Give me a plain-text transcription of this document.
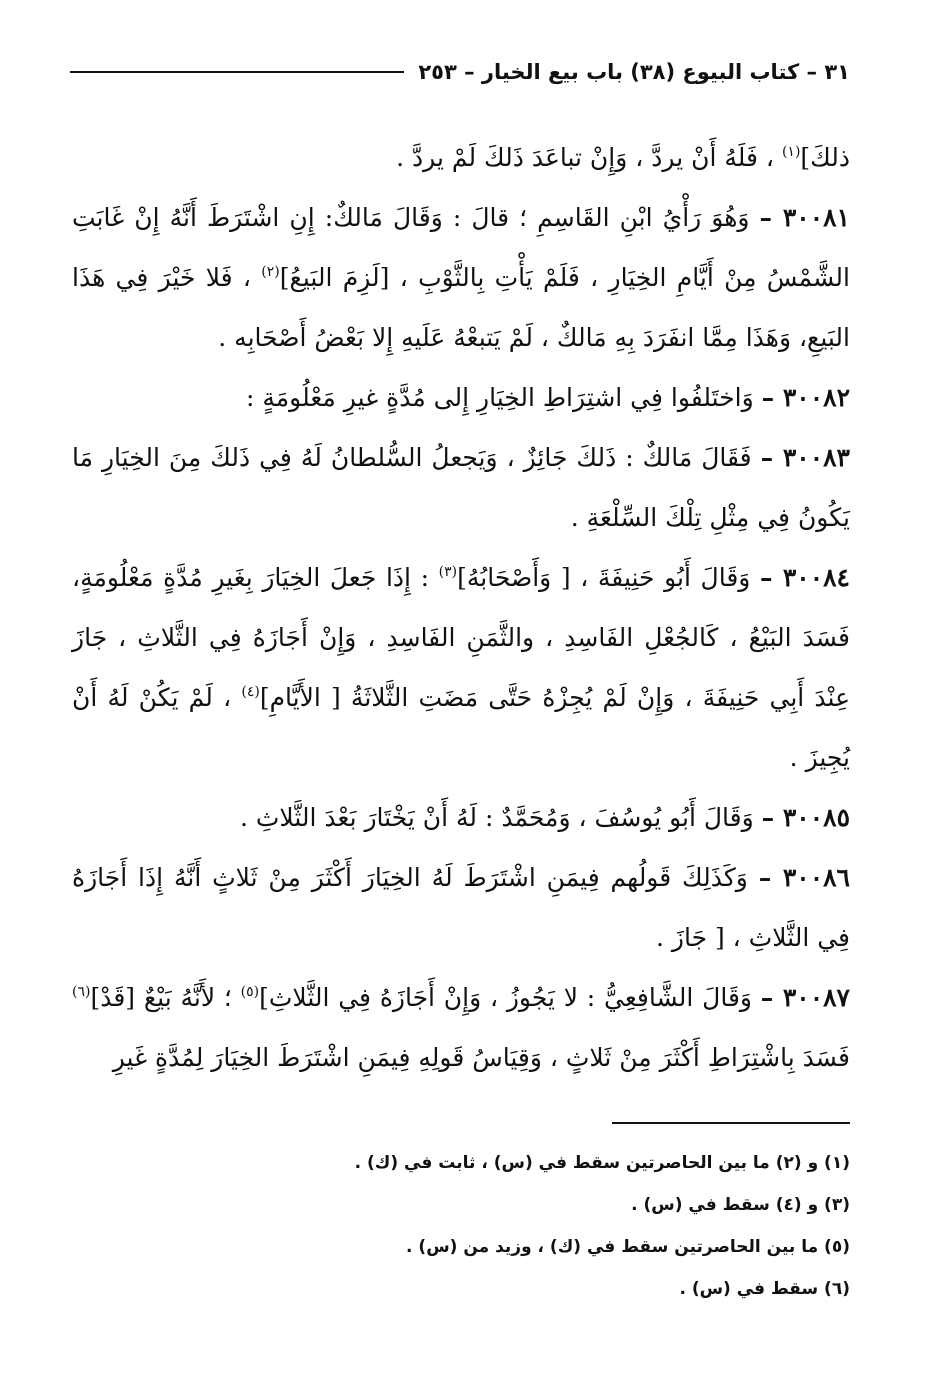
٣١ – كتاب البيوع (٣٨) باب بيع الخيار – ٢٥٣

ذلكَ]$^{(١)}$ ، فَلَهُ أَنْ يردَّ ، وَإِنْ تباعَدَ ذَلكَ لَمْ يردَّ .

٣٠٠٨١ – وَهُوَ رَأْيُ ابْنِ القَاسِمِ ؛ قالَ : وَقَالَ مَالكٌ: إِنِ اشْتَرَطَ أَنَّهُ إِنْ غَابَتِ الشَّمْسُ مِنْ أَيَّامِ الخِيَارِ ، فَلَمْ يَأْتِ بِالثَّوْبِ ، [لَزِمَ البَيعُ]$^{(٢)}$ ، فَلا خَيْرَ فِي هَذَا البَيعِ، وَهَذَا مِمَّا انفَرَدَ بِهِ مَالكٌ ، لَمْ يَتبعْهُ عَلَيهِ إِلا بَعْضُ أَصْحَابِه .

٣٠٠٨٢ – وَاختَلفُوا فِي اشتِرَاطِ الخِيَارِ إِلى مُدَّةٍ غيرِ مَعْلُومَةٍ :

٣٠٠٨٣ – فَقَالَ مَالكٌ : ذَلكَ جَائِزٌ ، وَيَجعلُ السُّلطانُ لَهُ فِي ذَلكَ مِنَ الخِيَارِ مَا يَكُونُ فِي مِثْلِ تِلْكَ السِّلْعَةِ .

٣٠٠٨٤ – وَقَالَ أَبُو حَنِيفَةَ ، [ وَأَصْحَابُهُ]$^{(٣)}$ : إِذَا جَعلَ الخِيَارَ بِغَيرِ مُدَّةٍ مَعْلُومَةٍ، فَسَدَ البَيْعُ ، كَالجُعْلِ الفَاسِدِ ، والثَّمَنِ الفَاسِدِ ، وَإِنْ أَجَازَهُ فِي الثَّلاثِ ، جَازَ عِنْدَ أَبِي حَنِيفَةَ ، وَإِنْ لَمْ يُجِزْهُ حَتَّى مَضَتِ الثَّلاثَةُ [ الأَيَّامِ]$^{(٤)}$ ، لَمْ يَكُنْ لَهُ أَنْ يُجِيزَ .

٣٠٠٨٥ – وَقَالَ أَبُو يُوسُفَ ، وَمُحَمَّدٌ : لَهُ أَنْ يَخْتَارَ بَعْدَ الثَّلاثِ .

٣٠٠٨٦ – وَكَذَلِكَ قَولُهم فِيمَنِ اشْتَرَطَ لَهُ الخِيَارَ أَكْثَرَ مِنْ ثَلاثٍ أَنَّهُ إِذَا أَجَازَهُ فِي الثَّلاثِ ، [ جَازَ .

٣٠٠٨٧ – وَقَالَ الشَّافِعِيُّ : لا يَجُوزُ ، وَإِنْ أَجَازَهُ فِي الثَّلاثِ]$^{(٥)}$ ؛ لأَنَّهُ بَيْعٌ [قَدْ]$^{(٦)}$ فَسَدَ بِاشْتِرَاطِ أَكْثَرَ مِنْ ثَلاثٍ ، وَقِيَاسُ قَولِهِ فِيمَنِ اشْتَرَطَ الخِيَارَ لِمُدَّةٍ غَيرِ

(١) و (٢) ما بين الحاصرتين سقط في (س) ، ثابت في (ك) .
(٣) و (٤) سقط في (س) .
(٥) ما بين الحاصرتين سقط في (ك) ، وزيد من (س) .
(٦) سقط في (س) .
